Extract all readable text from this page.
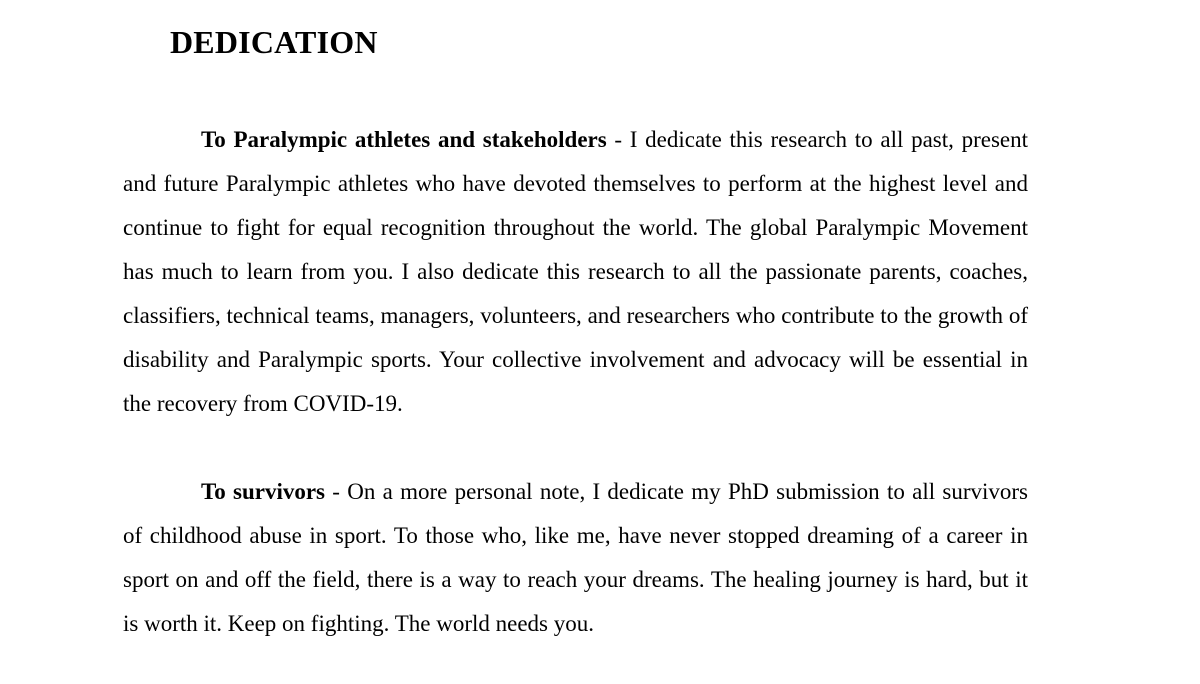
DEDICATION

To Paralympic athletes and stakeholders - I dedicate this research to all past, present and future Paralympic athletes who have devoted themselves to perform at the highest level and continue to fight for equal recognition throughout the world. The global Paralympic Movement has much to learn from you. I also dedicate this research to all the passionate parents, coaches, classifiers, technical teams, managers, volunteers, and researchers who contribute to the growth of disability and Paralympic sports. Your collective involvement and advocacy will be essential in the recovery from COVID-19.

To survivors - On a more personal note, I dedicate my PhD submission to all survivors of childhood abuse in sport. To those who, like me, have never stopped dreaming of a career in sport on and off the field, there is a way to reach your dreams. The healing journey is hard, but it is worth it. Keep on fighting. The world needs you.
